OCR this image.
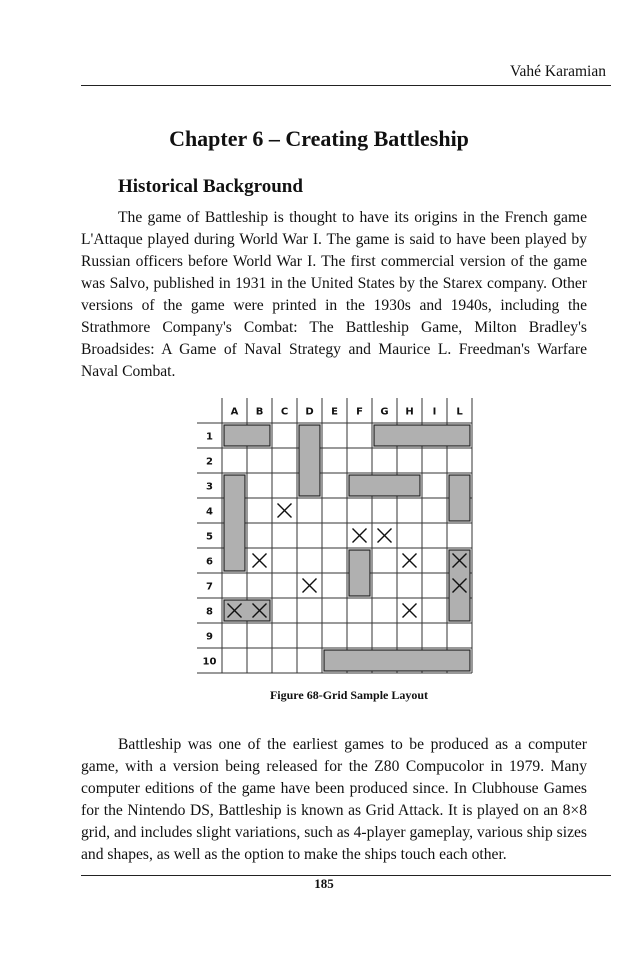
Vahé Karamian
Chapter 6 – Creating Battleship
Historical Background

The game of Battleship is thought to have its origins in the French game L'Attaque played during World War I. The game is said to have been played by Russian officers before World War I. The first commercial version of the game was Salvo, published in 1931 in the United States by the Starex company. Other versions of the game were printed in the 1930s and 1940s, including the Strathmore Company's Combat: The Battleship Game, Milton Bradley's Broadsides: A Game of Naval Strategy and Maurice L. Freedman's Warfare Naval Combat.

A B C D E F G H I L
1
2
3
4
5
6
7
8
9
10
Figure 68-Grid Sample Layout

Battleship was one of the earliest games to be produced as a computer game, with a version being released for the Z80 Compucolor in 1979. Many computer editions of the game have been produced since. In Clubhouse Games for the Nintendo DS, Battleship is known as Grid Attack. It is played on an 8×8 grid, and includes slight variations, such as 4-player gameplay, various ship sizes and shapes, as well as the option to make the ships touch each other.

185
